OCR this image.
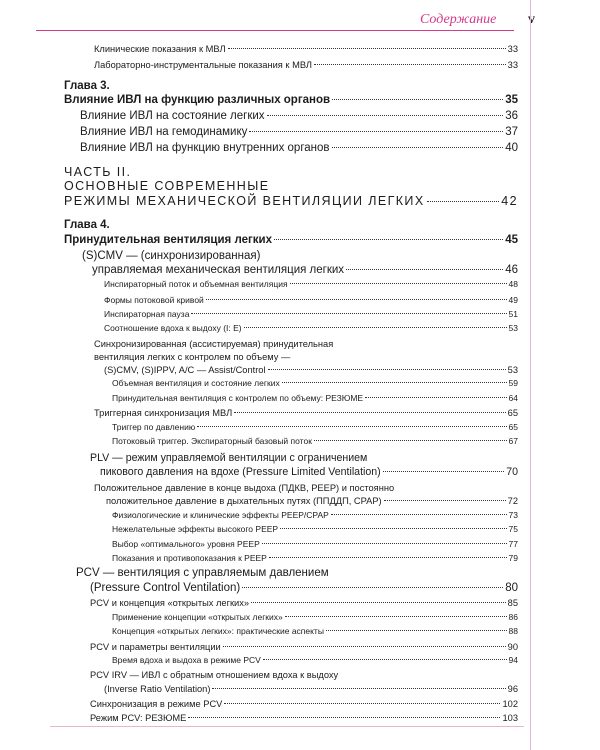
Содержание v
Клинические показания к МВЛ	33
Лабораторно-инструментальные показания к МВЛ	33
Глава 3.
Влияние ИВЛ на функцию различных органов	35
Влияние ИВЛ на состояние легких	36
Влияние ИВЛ на гемодинамику	37
Влияние ИВЛ на функцию внутренних органов	40
ЧАСТЬ II.
ОСНОВНЫЕ СОВРЕМЕННЫЕ
РЕЖИМЫ МЕХАНИЧЕСКОЙ ВЕНТИЛЯЦИИ ЛЕГКИХ	42
Глава 4.
Принудительная вентиляция легких	45
(S)CMV — (синхронизированная)
управляемая механическая вентиляция легких	46
Инспираторный поток и объемная вентиляция	48
Формы потоковой кривой	49
Инспираторная пауза	51
Соотношение вдоха к выдоху (I: E)	53
Синхронизированная (ассистируемая) принудительная
вентиляция легких с контролем по объему —
(S)CMV, (S)IPPV, A/C — Assist/Control	53
Объемная вентиляция и состояние легких	59
Принудительная вентиляция с контролем по объему: РЕЗЮМЕ	64
Триггерная синхронизация МВЛ	65
Триггер по давлению	65
Потоковый триггер. Экспираторный базовый поток	67
PLV — режим управляемой вентиляции с ограничением
пикового давления на вдохе (Pressure Limited Ventilation)	70
Положительное давление в конце выдоха (ПДКВ, PEEP) и постоянно
положительное давление в дыхательных путях (ППДДП, CPAP)	72
Физиологические и клинические эффекты PEEP/CPAP	73
Нежелательные эффекты высокого PEEP	75
Выбор «оптимального» уровня PEEP	77
Показания и противопоказания к PEEP	79
PCV — вентиляция с управляемым давлением
(Pressure Control Ventilation)	80
PCV и концепция «открытых легких»	85
Применение концепции «открытых легких»	86
Концепция «открытых легких»: практические аспекты	88
PCV и параметры вентиляции	90
Время вдоха и выдоха в режиме PCV	94
PCV IRV — ИВЛ с обратным отношением вдоха к выдоху
(Inverse Ratio Ventilation)	96
Синхронизация в режиме PCV	102
Режим PCV: РЕЗЮМЕ	103
